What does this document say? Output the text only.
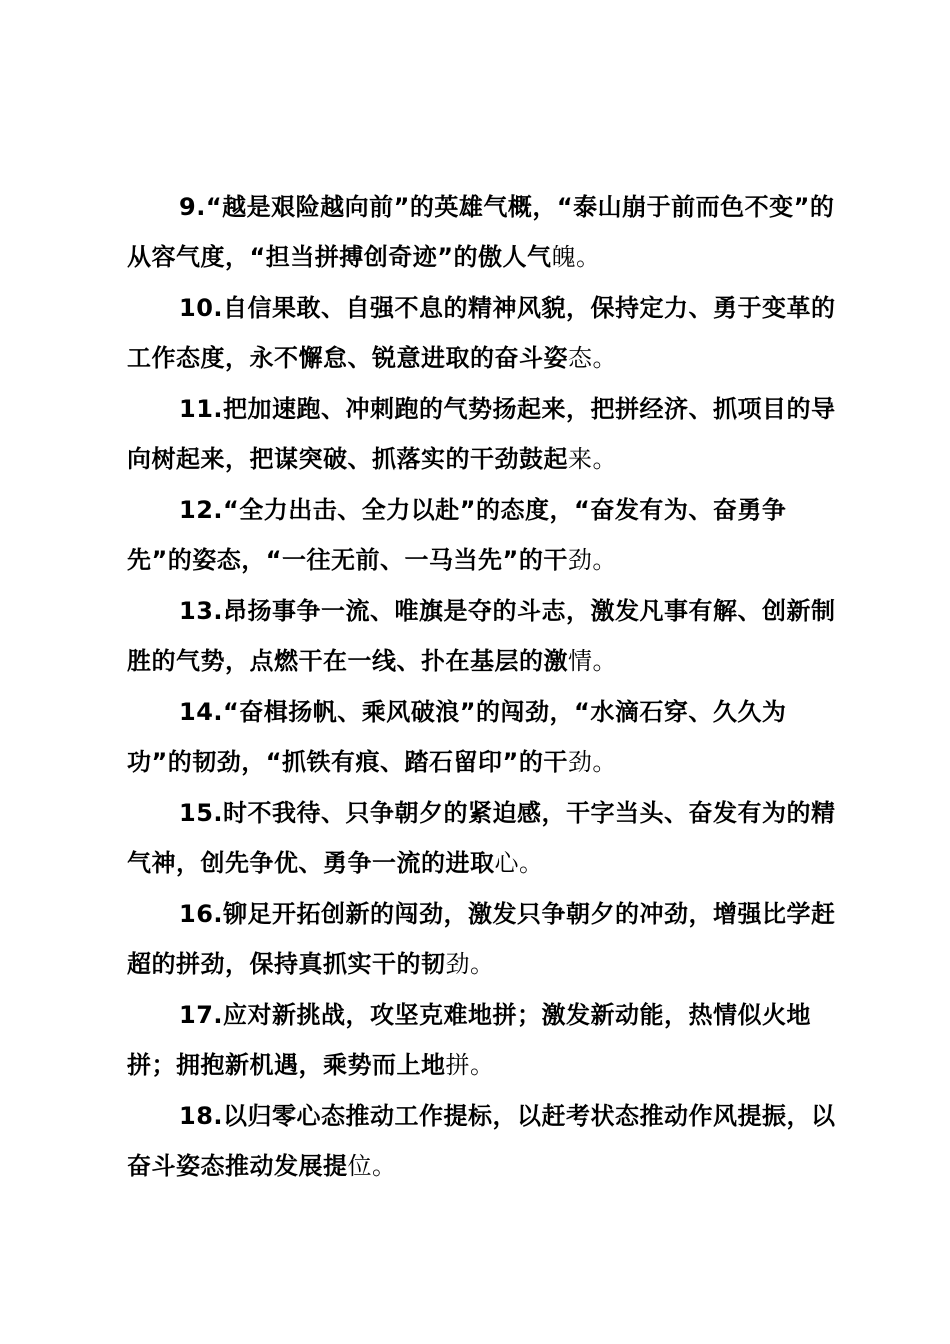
9.“越是艰险越向前”的英雄气概，“泰山崩于前而色不变”的从容气度，“担当拼搏创奇迹”的傲人气魄。

10.自信果敢、自强不息的精神风貌，保持定力、勇于变革的工作态度，永不懈怠、锐意进取的奋斗姿态。

11.把加速跑、冲刺跑的气势扬起来，把拼经济、抓项目的导向树起来，把谋突破、抓落实的干劲鼓起来。

12.“全力出击、全力以赴”的态度，“奋发有为、奋勇争先”的姿态，“一往无前、一马当先”的干劲。

13.昂扬事争一流、唯旗是夺的斗志，激发凡事有解、创新制胜的气势，点燃干在一线、扑在基层的激情。

14.“奋楫扬帆、乘风破浪”的闯劲，“水滴石穿、久久为功”的韧劲，“抓铁有痕、踏石留印”的干劲。

15.时不我待、只争朝夕的紧迫感，干字当头、奋发有为的精气神，创先争优、勇争一流的进取心。

16.铆足开拓创新的闯劲，激发只争朝夕的冲劲，增强比学赶超的拼劲，保持真抓实干的韧劲。

17.应对新挑战，攻坚克难地拼；激发新动能，热情似火地拼；拥抱新机遇，乘势而上地拼。

18.以归零心态推动工作提标，以赶考状态推动作风提振，以奋斗姿态推动发展提位。
